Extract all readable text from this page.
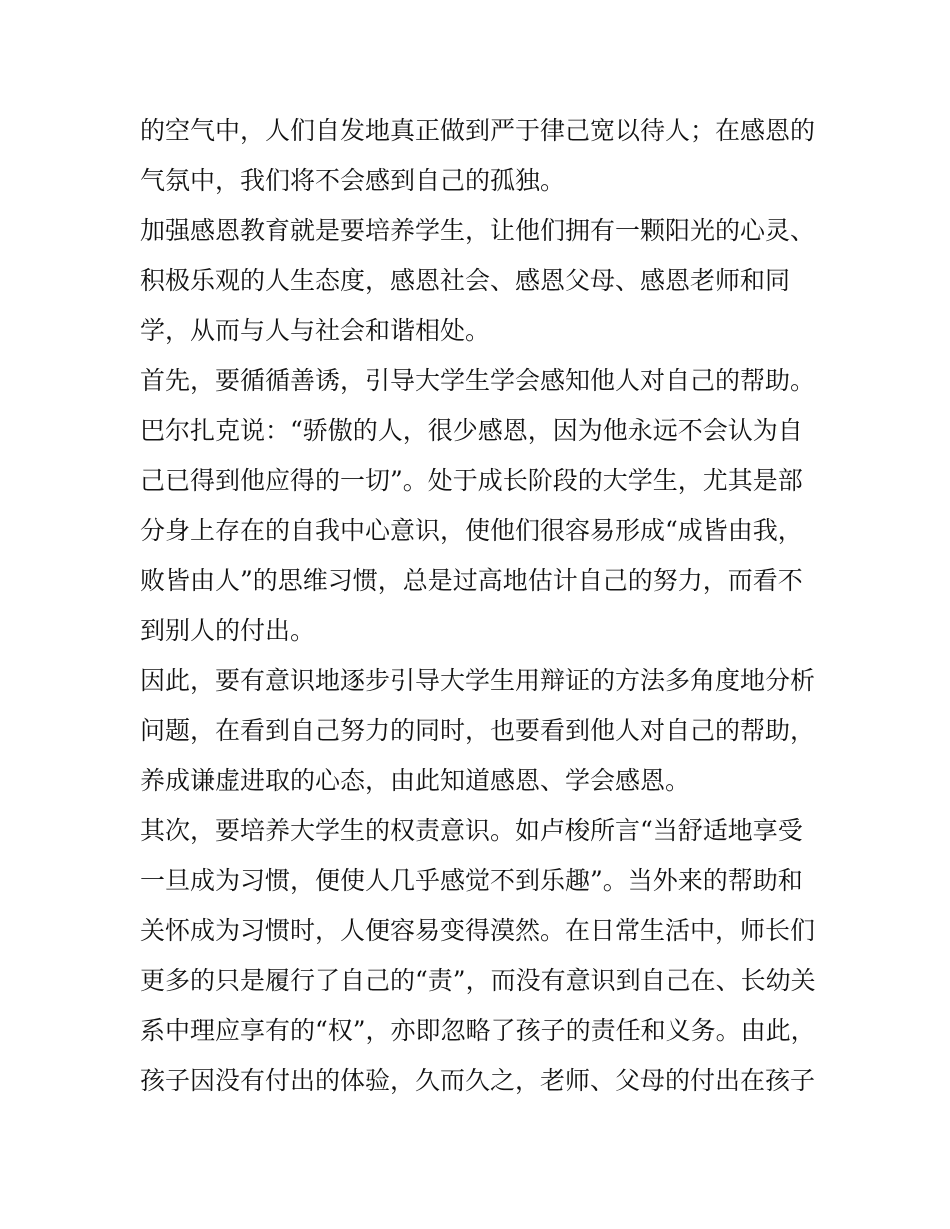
的空气中，人们自发地真正做到严于律己宽以待人；在感恩的
气氛中，我们将不会感到自己的孤独。
加强感恩教育就是要培养学生，让他们拥有一颗阳光的心灵、
积极乐观的人生态度，感恩社会、感恩父母、感恩老师和同
学，从而与人与社会和谐相处。
首先，要循循善诱，引导大学生学会感知他人对自己的帮助。
巴尔扎克说：“骄傲的人，很少感恩，因为他永远不会认为自
己已得到他应得的一切”。处于成长阶段的大学生，尤其是部
分身上存在的自我中心意识，使他们很容易形成“成皆由我，
败皆由人”的思维习惯，总是过高地估计自己的努力，而看不
到别人的付出。
因此，要有意识地逐步引导大学生用辩证的方法多角度地分析
问题，在看到自己努力的同时，也要看到他人对自己的帮助，
养成谦虚进取的心态，由此知道感恩、学会感恩。
其次，要培养大学生的权责意识。如卢梭所言“当舒适地享受
一旦成为习惯，便使人几乎感觉不到乐趣”。当外来的帮助和
关怀成为习惯时，人便容易变得漠然。在日常生活中，师长们
更多的只是履行了自己的“责”，而没有意识到自己在、长幼关
系中理应享有的“权”，亦即忽略了孩子的责任和义务。由此，
孩子因没有付出的体验，久而久之，老师、父母的付出在孩子
